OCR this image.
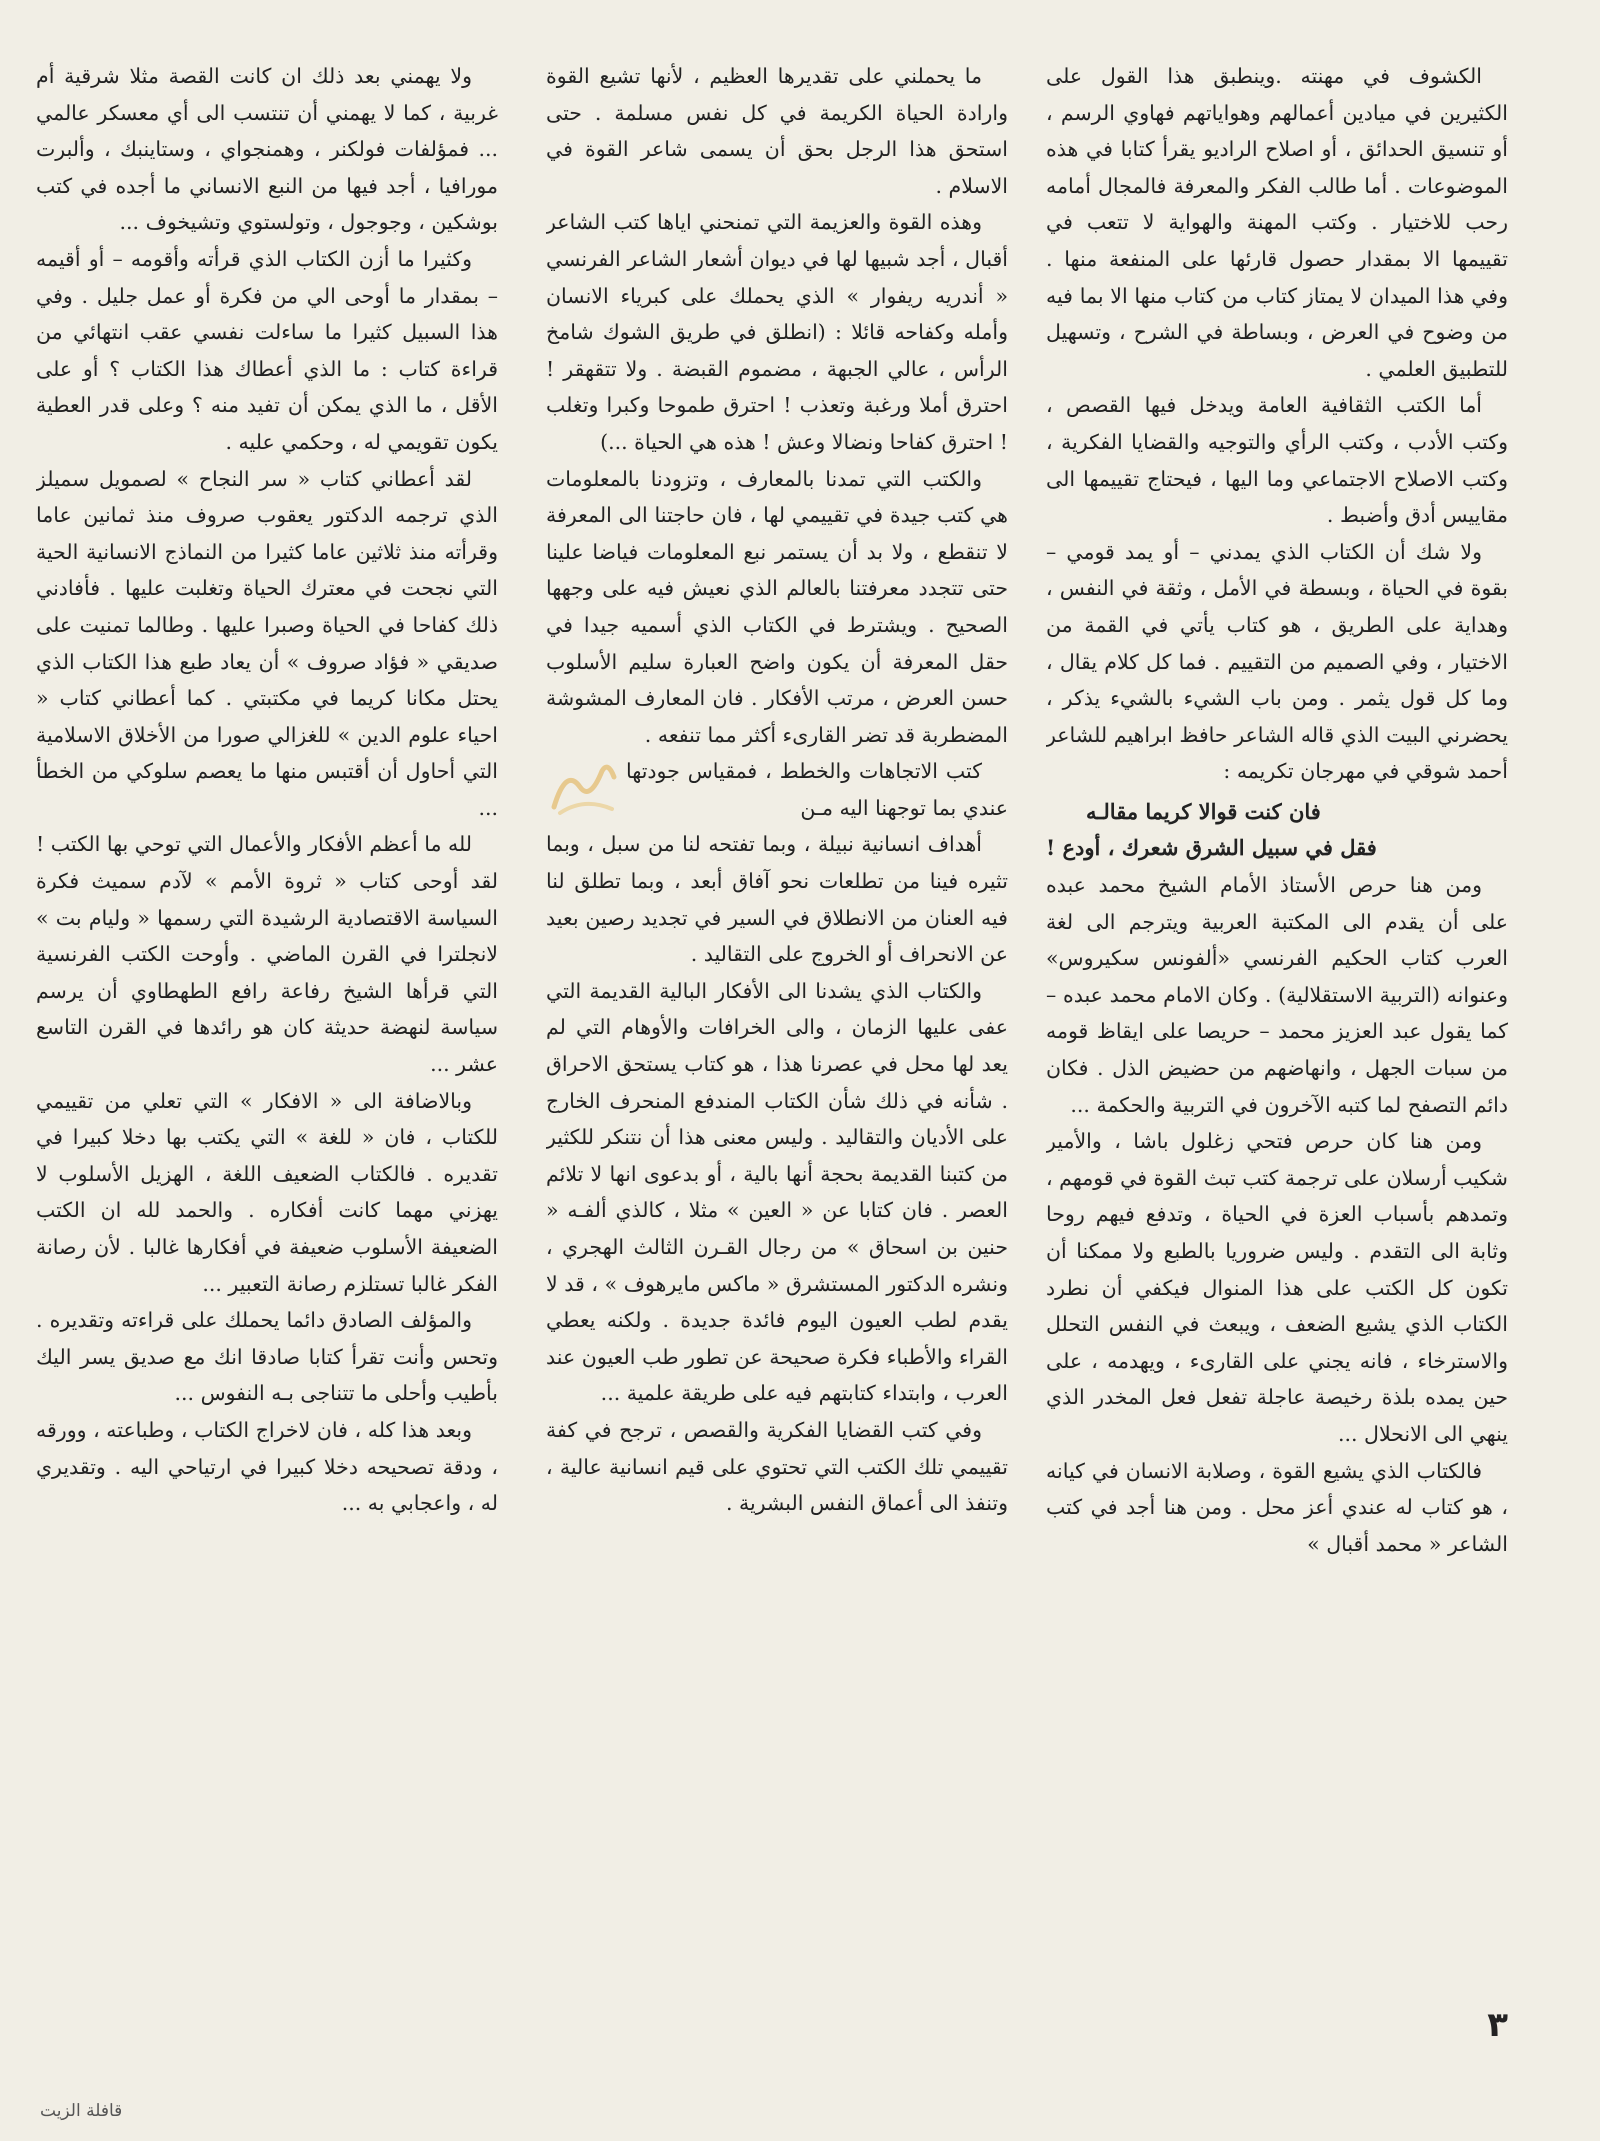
الكشوف في مهنته .وينطبق هذا القول على الكثيرين في ميادين أعمالهم وهواياتهم فهاوي الرسم ، أو تنسيق الحدائق ، أو اصلاح الراديو يقرأ كتابا في هذه الموضوعات . أما طالب الفكر والمعرفة فالمجال أمامه رحب للاختيار . وكتب المهنة والهواية لا تتعب في تقييمها الا بمقدار حصول قارئها على المنفعة منها . وفي هذا الميدان لا يمتاز كتاب من كتاب منها الا بما فيه من وضوح في العرض ، وبساطة في الشرح ، وتسهيل للتطبيق العلمي .

أما الكتب الثقافية العامة ويدخل فيها القصص ، وكتب الأدب ، وكتب الرأي والتوجيه والقضايا الفكرية ، وكتب الاصلاح الاجتماعي وما اليها ، فيحتاج تقييمها الى مقاييس أدق وأضبط .

ولا شك أن الكتاب الذي يمدني – أو يمد قومي – بقوة في الحياة ، وبسطة في الأمل ، وثقة في النفس ، وهداية على الطريق ، هو كتاب يأتي في القمة من الاختيار ، وفي الصميم من التقييم . فما كل كلام يقال ، وما كل قول يثمر . ومن باب الشيء بالشيء يذكر ، يحضرني البيت الذي قاله الشاعر حافظ ابراهيم للشاعر أحمد شوقي في مهرجان تكريمه :

فان كنت قوالا كريما مقالـه
فقل في سبيل الشرق شعرك ، أودع !

ومن هنا حرص الأستاذ الأمام الشيخ محمد عبده على أن يقدم الى المكتبة العربية ويترجم الى لغة العرب كتاب الحكيم الفرنسي «ألفونس سكيروس» وعنوانه (التربية الاستقلالية) . وكان الامام محمد عبده – كما يقول عبد العزيز محمد – حريصا على ايقاظ قومه من سبات الجهل ، وانهاضهم من حضيض الذل . فكان دائم التصفح لما كتبه الآخرون في التربية والحكمة ...

ومن هنا كان حرص فتحي زغلول باشا ، والأمير شكيب أرسلان على ترجمة كتب تبث القوة في قومهم ، وتمدهم بأسباب العزة في الحياة ، وتدفع فيهم روحا وثابة الى التقدم . وليس ضروريا بالطبع ولا ممكنا أن تكون كل الكتب على هذا المنوال فيكفي أن نطرد الكتاب الذي يشيع الضعف ، ويبعث في النفس التحلل والاسترخاء ، فانه يجني على القارىء ، ويهدمه ، على حين يمده بلذة رخيصة عاجلة تفعل فعل المخدر الذي ينهي الى الانحلال ...

فالكتاب الذي يشيع القوة ، وصلابة الانسان في كيانه ، هو كتاب له عندي أعز محل . ومن هنا أجد في كتب الشاعر « محمد أقبال »

ما يحملني على تقديرها العظيم ، لأنها تشيع القوة وارادة الحياة الكريمة في كل نفس مسلمة . حتى استحق هذا الرجل بحق أن يسمى شاعر القوة في الاسلام .

وهذه القوة والعزيمة التي تمنحني اياها كتب الشاعر أقبال ، أجد شبيها لها في ديوان أشعار الشاعر الفرنسي « أندريه ريفوار » الذي يحملك على كبرياء الانسان وأمله وكفاحه قائلا : (انطلق في طريق الشوك شامخ الرأس ، عالي الجبهة ، مضموم القبضة . ولا تتقهقر ! احترق أملا ورغبة وتعذب ! احترق طموحا وكبرا وتغلب ! احترق كفاحا ونضالا وعش ! هذه هي الحياة ...)

والكتب التي تمدنا بالمعارف ، وتزودنا بالمعلومات هي كتب جيدة في تقييمي لها ، فان حاجتنا الى المعرفة لا تنقطع ، ولا بد أن يستمر نبع المعلومات فياضا علينا حتى تتجدد معرفتنا بالعالم الذي نعيش فيه على وجهها الصحيح . ويشترط في الكتاب الذي أسميه جيدا في حقل المعرفة أن يكون واضح العبارة سليم الأسلوب حسن العرض ، مرتب الأفكار . فان المعارف المشوشة المضطربة قد تضر القارىء أكثر مما تنفعه .

كتب الاتجاهات والخطط ، فمقياس جودتها عندي بما توجهنا اليه مـن

أهداف انسانية نبيلة ، وبما تفتحه لنا من سبل ، وبما تثيره فينا من تطلعات نحو آفاق أبعد ، وبما تطلق لنا فيه العنان من الانطلاق في السير في تجديد رصين بعيد عن الانحراف أو الخروج على التقاليد .

والكتاب الذي يشدنا الى الأفكار البالية القديمة التي عفى عليها الزمان ، والى الخرافات والأوهام التي لم يعد لها محل في عصرنا هذا ، هو كتاب يستحق الاحراق . شأنه في ذلك شأن الكتاب المندفع المنحرف الخارج على الأديان والتقاليد . وليس معنى هذا أن نتنكر للكثير من كتبنا القديمة بحجة أنها بالية ، أو بدعوى انها لا تلائم العصر . فان كتابا عن « العين » مثلا ، كالذي ألفـه « حنين بن اسحاق » من رجال القـرن الثالث الهجري ، ونشره الدكتور المستشرق « ماكس مايرهوف » ، قد لا يقدم لطب العيون اليوم فائدة جديدة . ولكنه يعطي القراء والأطباء فكرة صحيحة عن تطور طب العيون عند العرب ، وابتداء كتابتهم فيه على طريقة علمية ...

وفي كتب القضايا الفكرية والقصص ، ترجح في كفة تقييمي تلك الكتب التي تحتوي على قيم انسانية عالية ، وتنفذ الى أعماق النفس البشرية .

ولا يهمني بعد ذلك ان كانت القصة مثلا شرقية أم غربية ، كما لا يهمني أن تنتسب الى أي معسكر عالمي ... فمؤلفات فولكنر ، وهمنجواي ، وستاينبك ، وألبرت مورافيا ، أجد فيها من النبع الانساني ما أجده في كتب بوشكين ، وجوجول ، وتولستوي وتشيخوف ...

وكثيرا ما أزن الكتاب الذي قرأته وأقومه – أو أقيمه – بمقدار ما أوحى الي من فكرة أو عمل جليل . وفي هذا السبيل كثيرا ما ساءلت نفسي عقب انتهائي من قراءة كتاب : ما الذي أعطاك هذا الكتاب ؟ أو على الأقل ، ما الذي يمكن أن تفيد منه ؟ وعلى قدر العطية يكون تقويمي له ، وحكمي عليه .

لقد أعطاني كتاب « سر النجاح » لصمويل سميلز الذي ترجمه الدكتور يعقوب صروف منذ ثمانين عاما وقرأته منذ ثلاثين عاما كثيرا من النماذج الانسانية الحية التي نجحت في معترك الحياة وتغلبت عليها . فأفادني ذلك كفاحا في الحياة وصبرا عليها . وطالما تمنيت على صديقي « فؤاد صروف » أن يعاد طبع هذا الكتاب الذي يحتل مكانا كريما في مكتبتي . كما أعطاني كتاب « احياء علوم الدين » للغزالي صورا من الأخلاق الاسلامية التي أحاول أن أقتبس منها ما يعصم سلوكي من الخطأ ...

لله ما أعظم الأفكار والأعمال التي توحي بها الكتب ! لقد أوحى كتاب « ثروة الأمم » لآدم سميث فكرة السياسة الاقتصادية الرشيدة التي رسمها « وليام بت » لانجلترا في القرن الماضي . وأوحت الكتب الفرنسية التي قرأها الشيخ رفاعة رافع الطهطاوي أن يرسم سياسة لنهضة حديثة كان هو رائدها في القرن التاسع عشر ...

وبالاضافة الى « الافكار » التي تعلي من تقييمي للكتاب ، فان « للغة » التي يكتب بها دخلا كبيرا في تقديره . فالكتاب الضعيف اللغة ، الهزيل الأسلوب لا يهزني مهما كانت أفكاره . والحمد لله ان الكتب الضعيفة الأسلوب ضعيفة في أفكارها غالبا . لأن رصانة الفكر غالبا تستلزم رصانة التعبير ...

والمؤلف الصادق دائما يحملك على قراءته وتقديره . وتحس وأنت تقرأ كتابا صادقا انك مع صديق يسر اليك بأطيب وأحلى ما تتناجى بـه النفوس ...

وبعد هذا كله ، فان لاخراج الكتاب ، وطباعته ، وورقه ، ودقة تصحيحه دخلا كبيرا في ارتياحي اليه . وتقديري له ، واعجابي به ...

٣
قافلة الزيت
